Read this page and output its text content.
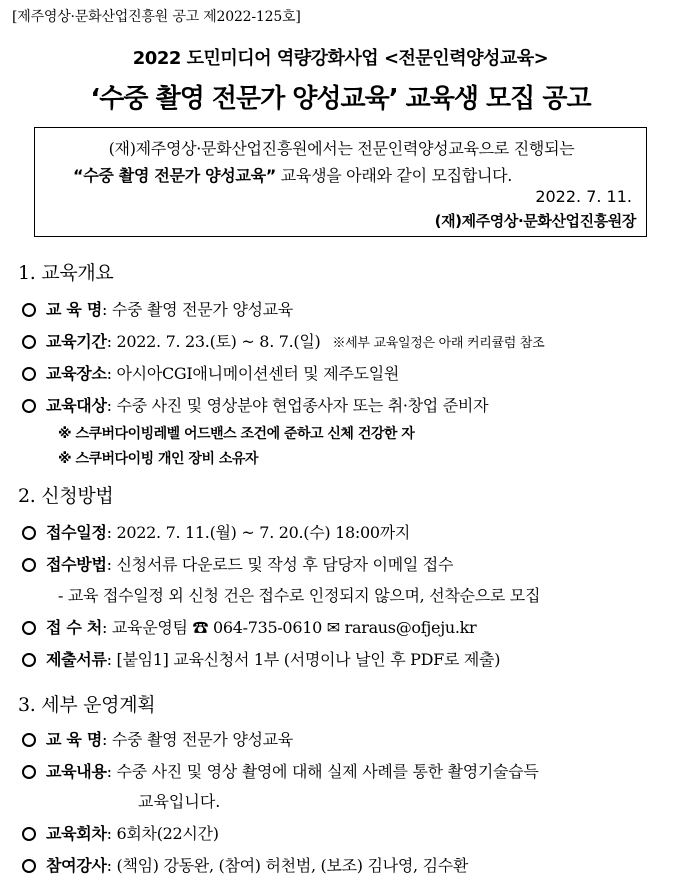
[제주영상·문화산업진흥원 공고 제2022-125호]
2022 도민미디어 역량강화사업 <전문인력양성교육>
‘수중 촬영 전문가 양성교육’ 교육생 모집 공고
(재)제주영상·문화산업진흥원에서는 전문인력양성교육으로 진행되는
“수중 촬영 전문가 양성교육” 교육생을 아래와 같이 모집합니다.
2022. 7. 11.
(재)제주영상·문화산업진흥원장
1. 교육개요
교 육 명: 수중 촬영 전문가 양성교육
교육기간: 2022. 7. 23.(토) ~ 8. 7.(일) ※세부 교육일정은 아래 커리큘럼 참조
교육장소: 아시아CGI애니메이션센터 및 제주도일원
교육대상: 수중 사진 및 영상분야 현업종사자 또는 취·창업 준비자
※ 스쿠버다이빙레벨 어드밴스 조건에 준하고 신체 건강한 자
※ 스쿠버다이빙 개인 장비 소유자
2. 신청방법
접수일정: 2022. 7. 11.(월) ~ 7. 20.(수) 18:00까지
접수방법: 신청서류 다운로드 및 작성 후 담당자 이메일 접수
- 교육 접수일정 외 신청 건은 접수로 인정되지 않으며, 선착순으로 모집
접 수 처: 교육운영팀 ☎ 064-735-0610 ✉ raraus@ofjeju.kr
제출서류: [붙임1] 교육신청서 1부 (서명이나 날인 후 PDF로 제출)
3. 세부 운영계획
교 육 명: 수중 촬영 전문가 양성교육
교육내용: 수중 사진 및 영상 촬영에 대해 실제 사례를 통한 촬영기술습득
교육입니다.
교육회차: 6회차(22시간)
참여강사: (책임) 강동완, (참여) 허천범, (보조) 김나영, 김수환
